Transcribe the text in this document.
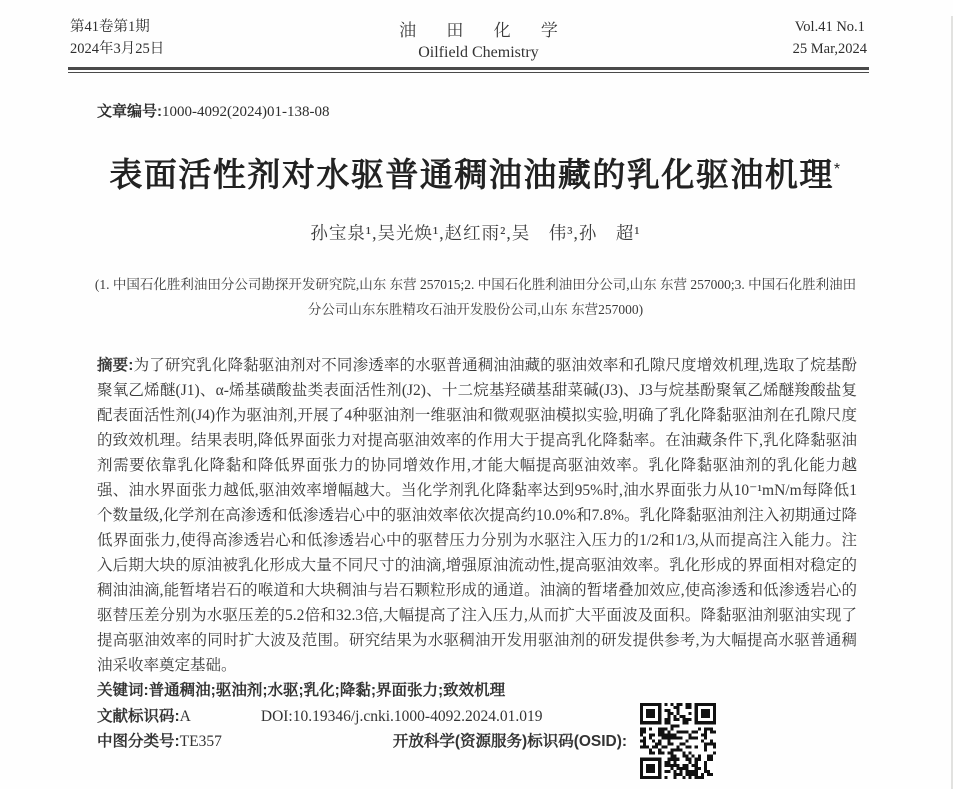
第41卷第1期
2024年3月25日
油 田 化 学
Oilfield Chemistry
Vol.41 No.1
25 Mar,2024
文章编号:1000-4092(2024)01-138-08
表面活性剂对水驱普通稠油油藏的乳化驱油机理*
孙宝泉¹,吴光焕¹,赵红雨²,吴　伟³,孙　超¹
(1. 中国石化胜利油田分公司勘探开发研究院,山东 东营 257015;2. 中国石化胜利油田分公司,山东 东营 257000;3. 中国石化胜利油田
分公司山东东胜精攻石油开发股份公司,山东 东营257000)
摘要:为了研究乳化降黏驱油剂对不同渗透率的水驱普通稠油油藏的驱油效率和孔隙尺度增效机理,选取了烷基酚聚氧乙烯醚(J1)、α-烯基磺酸盐类表面活性剂(J2)、十二烷基羟磺基甜菜碱(J3)、J3与烷基酚聚氧乙烯醚羧酸盐复配表面活性剂(J4)作为驱油剂,开展了4种驱油剂一维驱油和微观驱油模拟实验,明确了乳化降黏驱油剂在孔隙尺度的致效机理。结果表明,降低界面张力对提高驱油效率的作用大于提高乳化降黏率。在油藏条件下,乳化降黏驱油剂需要依靠乳化降黏和降低界面张力的协同增效作用,才能大幅提高驱油效率。乳化降黏驱油剂的乳化能力越强、油水界面张力越低,驱油效率增幅越大。当化学剂乳化降黏率达到95%时,油水界面张力从10⁻¹mN/m每降低1个数量级,化学剂在高渗透和低渗透岩心中的驱油效率依次提高约10.0%和7.8%。乳化降黏驱油剂注入初期通过降低界面张力,使得高渗透岩心和低渗透岩心中的驱替压力分别为水驱注入压力的1/2和1/3,从而提高注入能力。注入后期大块的原油被乳化形成大量不同尺寸的油滴,增强原油流动性,提高驱油效率。乳化形成的界面相对稳定的稠油油滴,能暂堵岩石的喉道和大块稠油与岩石颗粒形成的通道。油滴的暂堵叠加效应,使高渗透和低渗透岩心的驱替压差分别为水驱压差的5.2倍和32.3倍,大幅提高了注入压力,从而扩大平面波及面积。降黏驱油剂驱油实现了提高驱油效率的同时扩大波及范围。研究结果为水驱稠油开发用驱油剂的研发提供参考,为大幅提高水驱普通稠油采收率奠定基础。
关键词:普通稠油;驱油剂;水驱;乳化;降黏;界面张力;致效机理
文献标识码:A	DOI:10.19346/j.cnki.1000-4092.2024.01.019
中图分类号:TE357	开放科学(资源服务)标识码(OSID):
